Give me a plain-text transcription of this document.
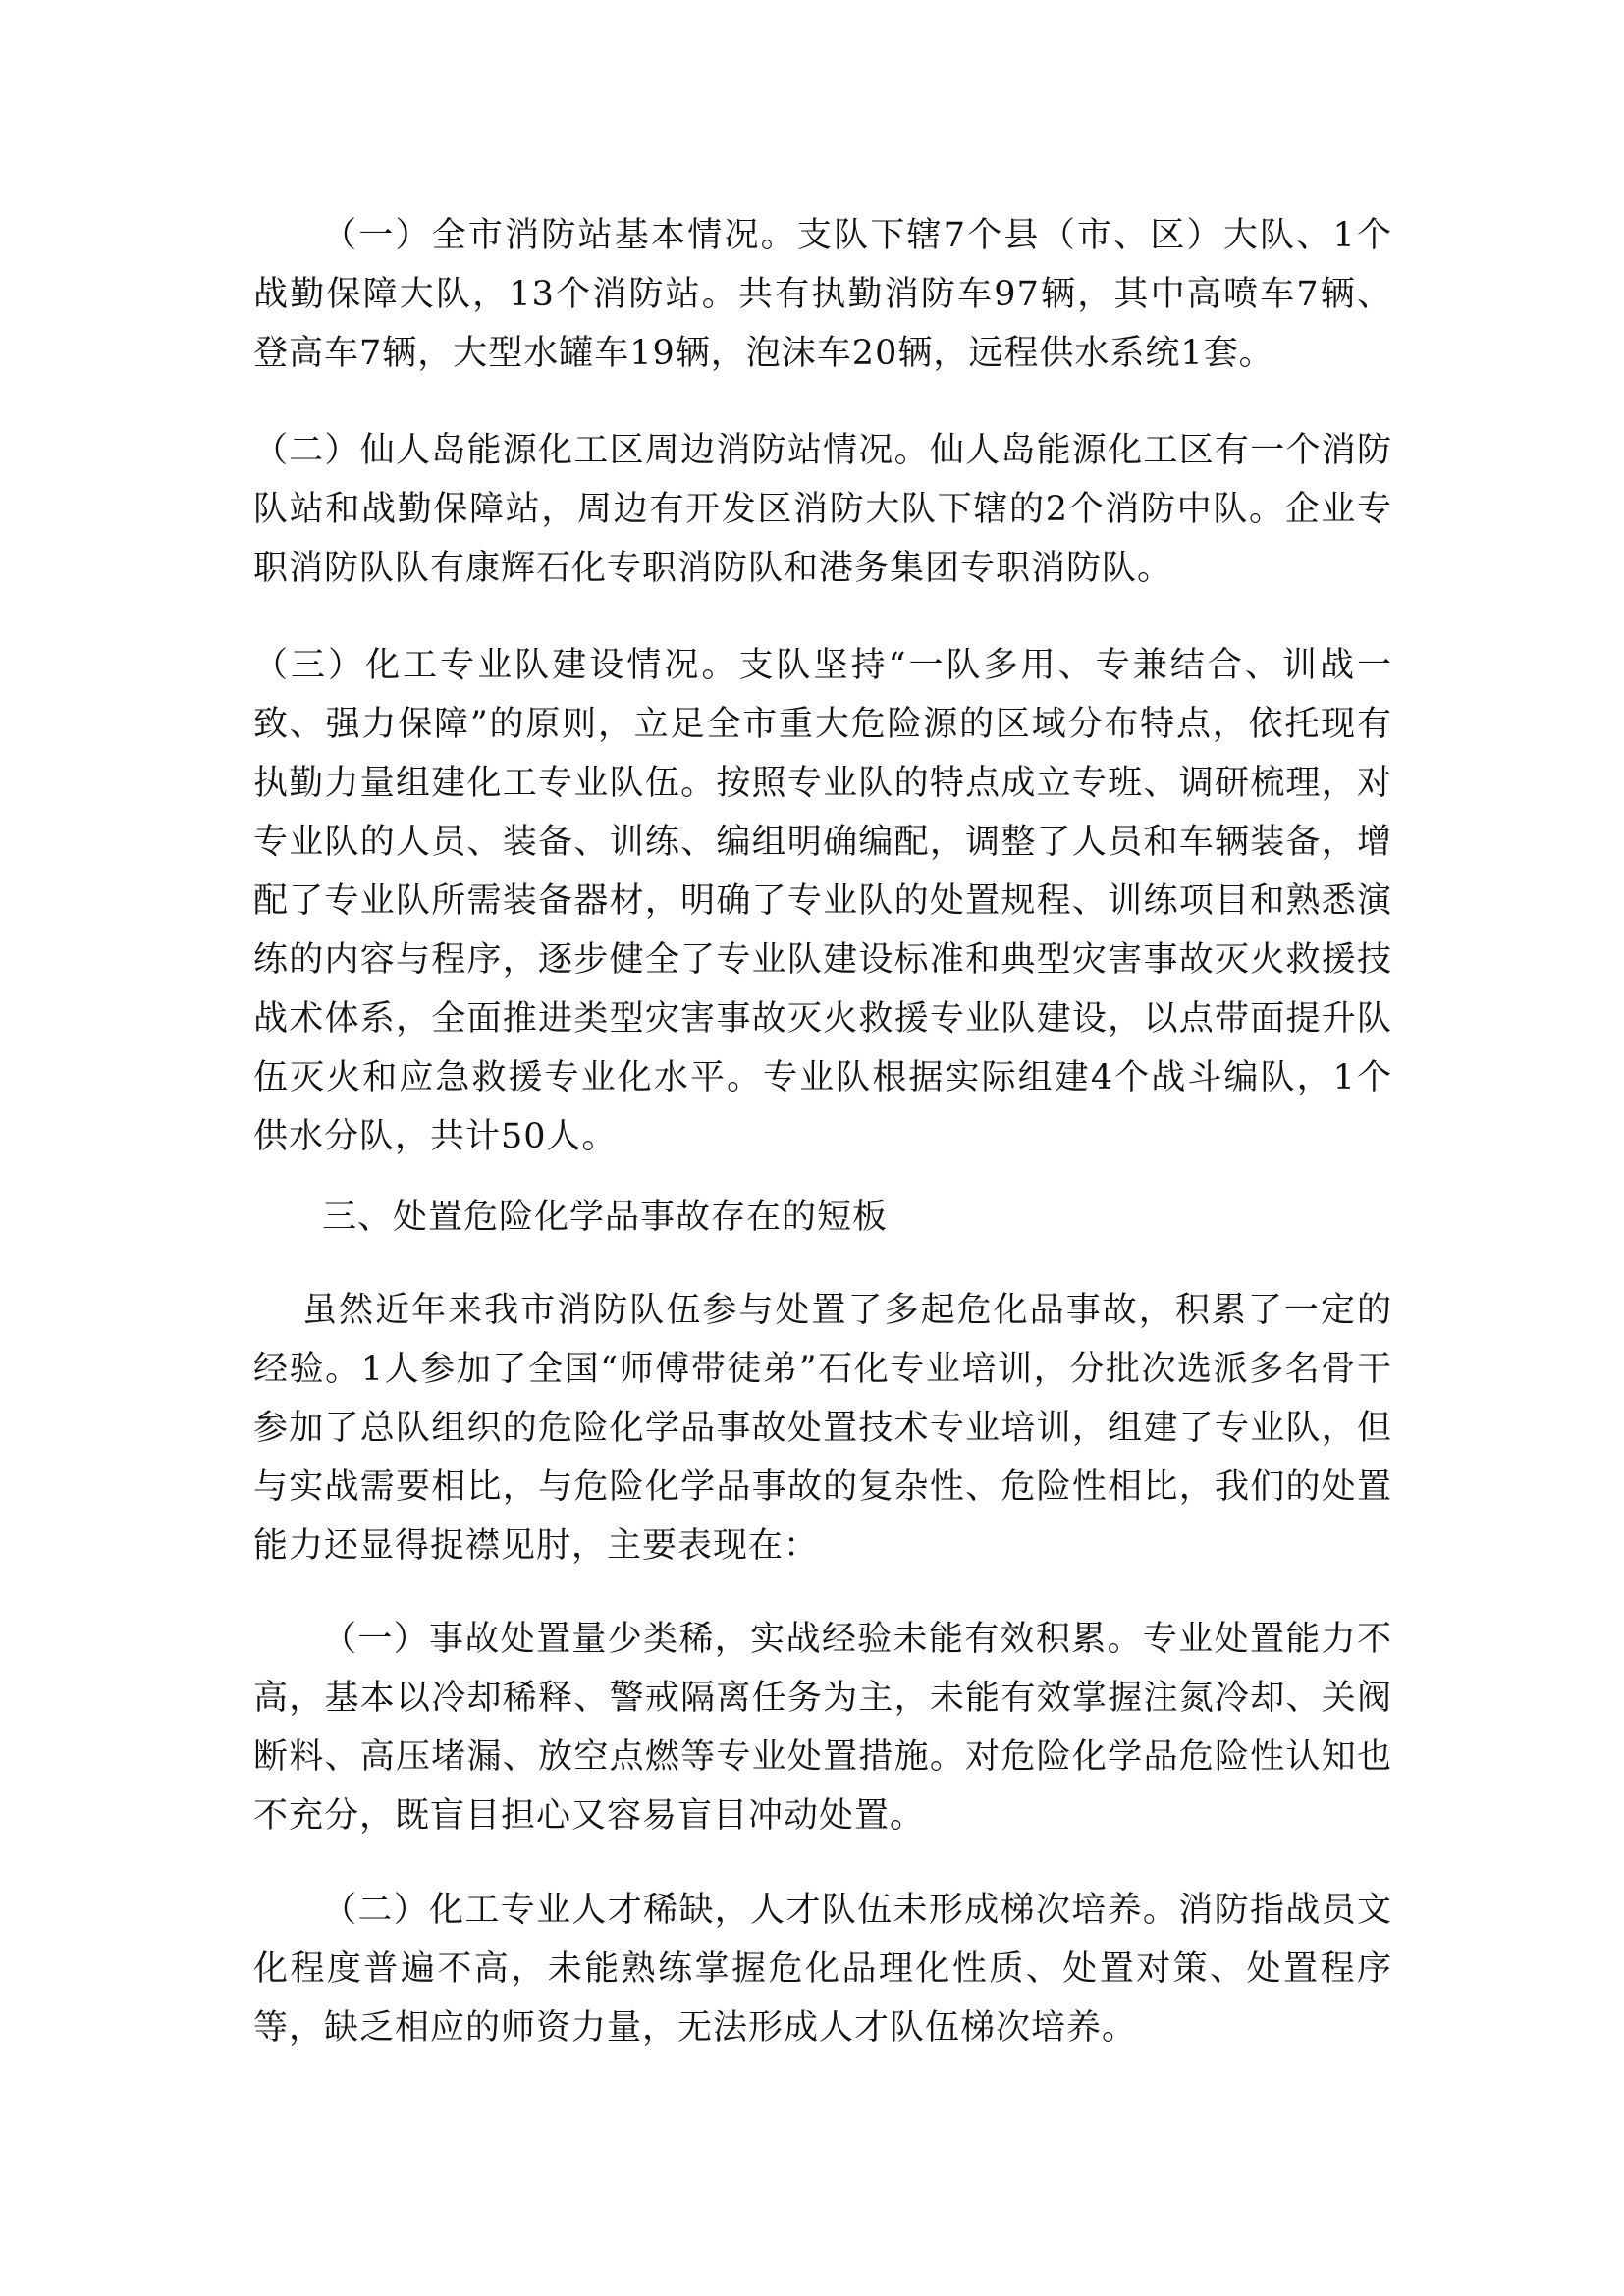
（一）全市消防站基本情况。支队下辖7个县（市、区）大队、1个战勤保障大队，13个消防站。共有执勤消防车97辆，其中高喷车7辆、登高车7辆，大型水罐车19辆，泡沫车20辆，远程供水系统1套。

（二）仙人岛能源化工区周边消防站情况。仙人岛能源化工区有一个消防队站和战勤保障站，周边有开发区消防大队下辖的2个消防中队。企业专职消防队队有康辉石化专职消防队和港务集团专职消防队。

（三）化工专业队建设情况。支队坚持“一队多用、专兼结合、训战一致、强力保障”的原则，立足全市重大危险源的区域分布特点，依托现有执勤力量组建化工专业队伍。按照专业队的特点成立专班、调研梳理，对专业队的人员、装备、训练、编组明确编配，调整了人员和车辆装备，增配了专业队所需装备器材，明确了专业队的处置规程、训练项目和熟悉演练的内容与程序，逐步健全了专业队建设标准和典型灾害事故灭火救援技战术体系，全面推进类型灾害事故灭火救援专业队建设，以点带面提升队伍灭火和应急救援专业化水平。专业队根据实际组建4个战斗编队，1个供水分队，共计50人。

三、处置危险化学品事故存在的短板

虽然近年来我市消防队伍参与处置了多起危化品事故，积累了一定的经验。1人参加了全国“师傅带徒弟”石化专业培训，分批次选派多名骨干参加了总队组织的危险化学品事故处置技术专业培训，组建了专业队，但与实战需要相比，与危险化学品事故的复杂性、危险性相比，我们的处置能力还显得捉襟见肘，主要表现在：

（一）事故处置量少类稀，实战经验未能有效积累。专业处置能力不高，基本以冷却稀释、警戒隔离任务为主，未能有效掌握注氮冷却、关阀断料、高压堵漏、放空点燃等专业处置措施。对危险化学品危险性认知也不充分，既盲目担心又容易盲目冲动处置。

（二）化工专业人才稀缺，人才队伍未形成梯次培养。消防指战员文化程度普遍不高，未能熟练掌握危化品理化性质、处置对策、处置程序等，缺乏相应的师资力量，无法形成人才队伍梯次培养。
